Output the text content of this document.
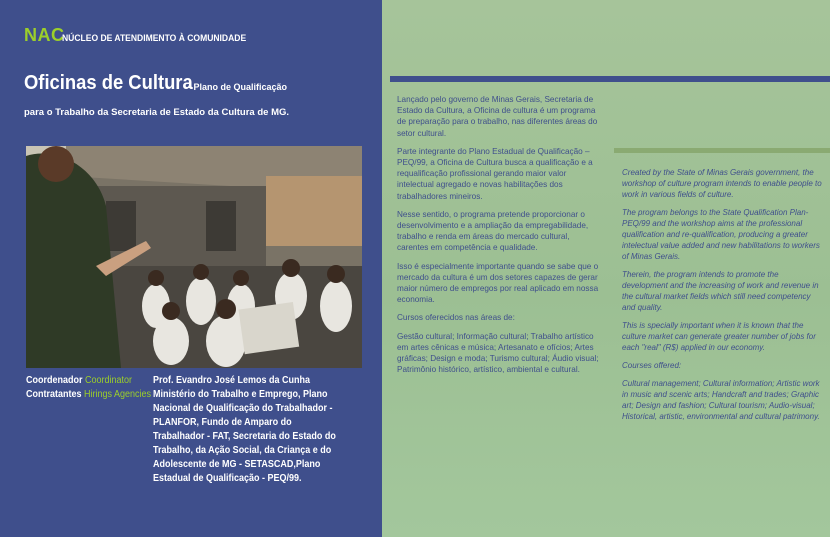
NAC
NÚCLEO DE ATENDIMENTO À COMUNIDADE
Oficinas de Cultura
- Plano de Qualificação
para o Trabalho da Secretaria de Estado da Cultura de MG.
Coordenador Coordinator
Contratantes Hirings Agencies
Prof. Evandro José Lemos da Cunha Ministério do Trabalho e Emprego, Plano Nacional de Qualificação do Trabalhador - PLANFOR, Fundo de Amparo do Trabalhador - FAT, Secretaria do Estado do Trabalho, da Ação Social, da Criança e do Adolescente de MG - SETASCAD,Plano Estadual de Qualificação - PEQ/99.

Lançado pelo governo de Minas Gerais, Secretaria de Estado da Cultura, a Oficina de cultura é um programa de preparação para o trabalho, nas diferentes áreas do setor cultural.

Parte integrante do Plano Estadual de Qualificação – PEQ/99, a Oficina de Cultura busca a qualificação e a requalificação profissional gerando maior valor intelectual agregado e novas habilitações dos trabalhadores mineiros.

Nesse sentido, o programa pretende proporcionar o desenvolvimento e a ampliação da empregabilidade, trabalho e renda em áreas do mercado cultural, carentes em competência e qualidade.

Isso é especialmente importante quando se sabe que o mercado da cultura é um dos setores capazes de gerar maior número de empregos por real aplicado em nossa economia.

Cursos oferecidos nas áreas de:

Gestão cultural; Informação cultural; Trabalho artístico em artes cênicas e música; Artesanato e ofícios; Artes gráficas; Design e moda; Turismo cultural; Áudio visual; Patrimônio histórico, artístico, ambiental e cultural.

Created by the State of Minas Gerais government, the workshop of culture program intends to enable people to work in various fields of culture.

The program belongs to the State Qualification Plan-PEQ/99 and the workshop aims at the professional qualification and re-qualification, producing a greater intelectual value added and new habilitations to workers of Minas Gerais.

Therein, the program intends to promote the development and the increasing of work and revenue in the cultural market fields which still need competency and quality.

This is specially important when it is known that the culture market can generate greater number of jobs for each "real" (R$) applied in our economy.

Courses offered:

Cultural management; Cultural information; Artistic work in music and scenic arts; Handcraft and trades; Graphic art; Design and fashion; Cultural tourism; Audio-visual; Historical, artistic, environmental and cultural patrimony.
